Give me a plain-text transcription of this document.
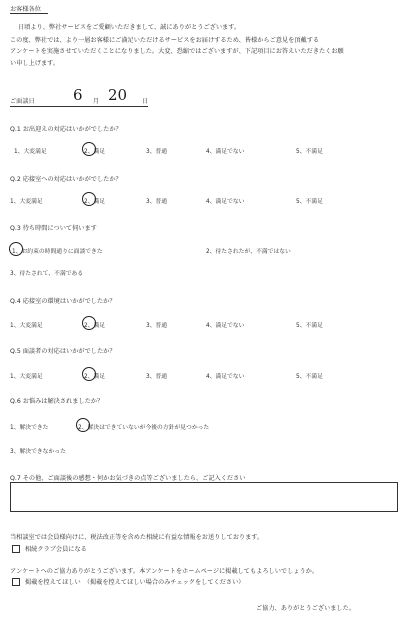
お客様各位
日頃より、弊社サービスをご愛顧いただきまして、誠にありがとうございます。
この度、弊社では、より一層お客様にご満足いただけるサービスをお届けするため、皆様からご意見を頂戴する
アンケートを実施させていただくことになりました。大変、恐縮ではございますが、下記項目にお答えいただきたくお願
い申し上げます。
ご面談日	6 月 20 日
Q.1 お出迎えの対応はいかがでしたか？
1、大変満足	2、満足	3、普通	4、満足でない	5、不満足
Q.2 応接室への対応はいかがでしたか？
1、大変満足	2、満足	3、普通	4、満足でない	5、不満足
Q.3 待ち時間について伺います
1、お約束の時間通りに面談できた	2、待たされたが、不満ではない
3、待たされて、不満である
Q.4 応接室の環境はいかがでしたか？
1、大変満足	2、満足	3、普通	4、満足でない	5、不満足
Q.5 面談者の対応はいかがでしたか？
1、大変満足	2、満足	3、普通	4、満足でない	5、不満足
Q.6 お悩みは解決されましたか？
1、解決できた	2、解決はできていないが今後の方針が見つかった
3、解決できなかった
Q.7 その他、ご面談後の感想・何かお気づきの点等ございましたら、ご記入ください
当相談室では会員様向けに、税法改正等を含めた相続に有益な情報をお送りしております。
相続クラブ会員になる
アンケートへのご協力ありがとうございます。本アンケートをホームページに掲載してもよろしいでしょうか。
掲載を控えてほしい　（掲載を控えてほしい場合のみチェックをしてください）
ご協力、ありがとうございました。
